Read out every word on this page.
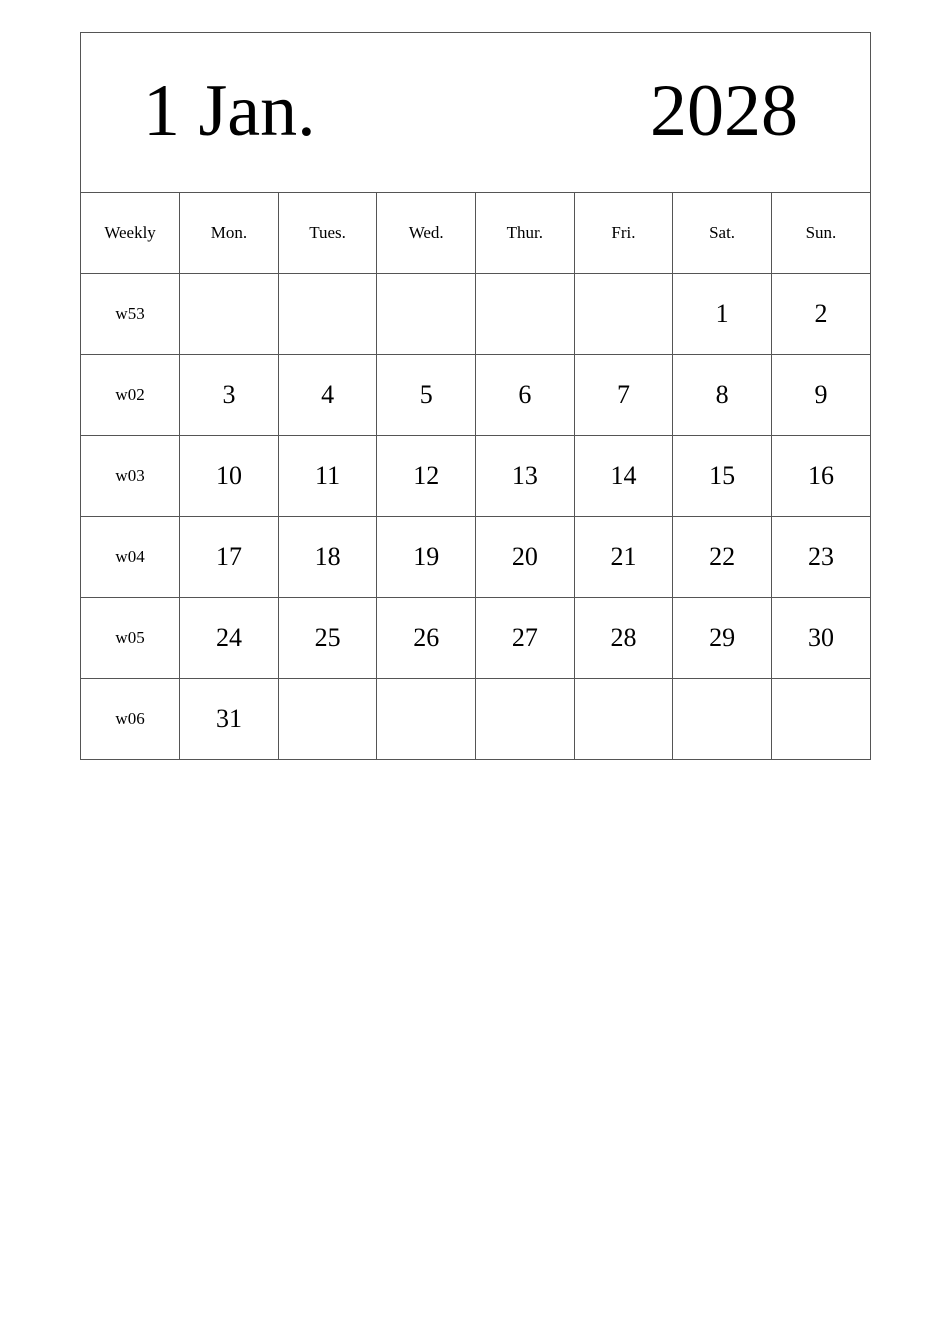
1 Jan.	2028
Weekly	Mon.	Tues.	Wed.	Thur.	Fri.	Sat.	Sun.
w53						1	2
w02	3	4	5	6	7	8	9
w03	10	11	12	13	14	15	16
w04	17	18	19	20	21	22	23
w05	24	25	26	27	28	29	30
w06	31						
